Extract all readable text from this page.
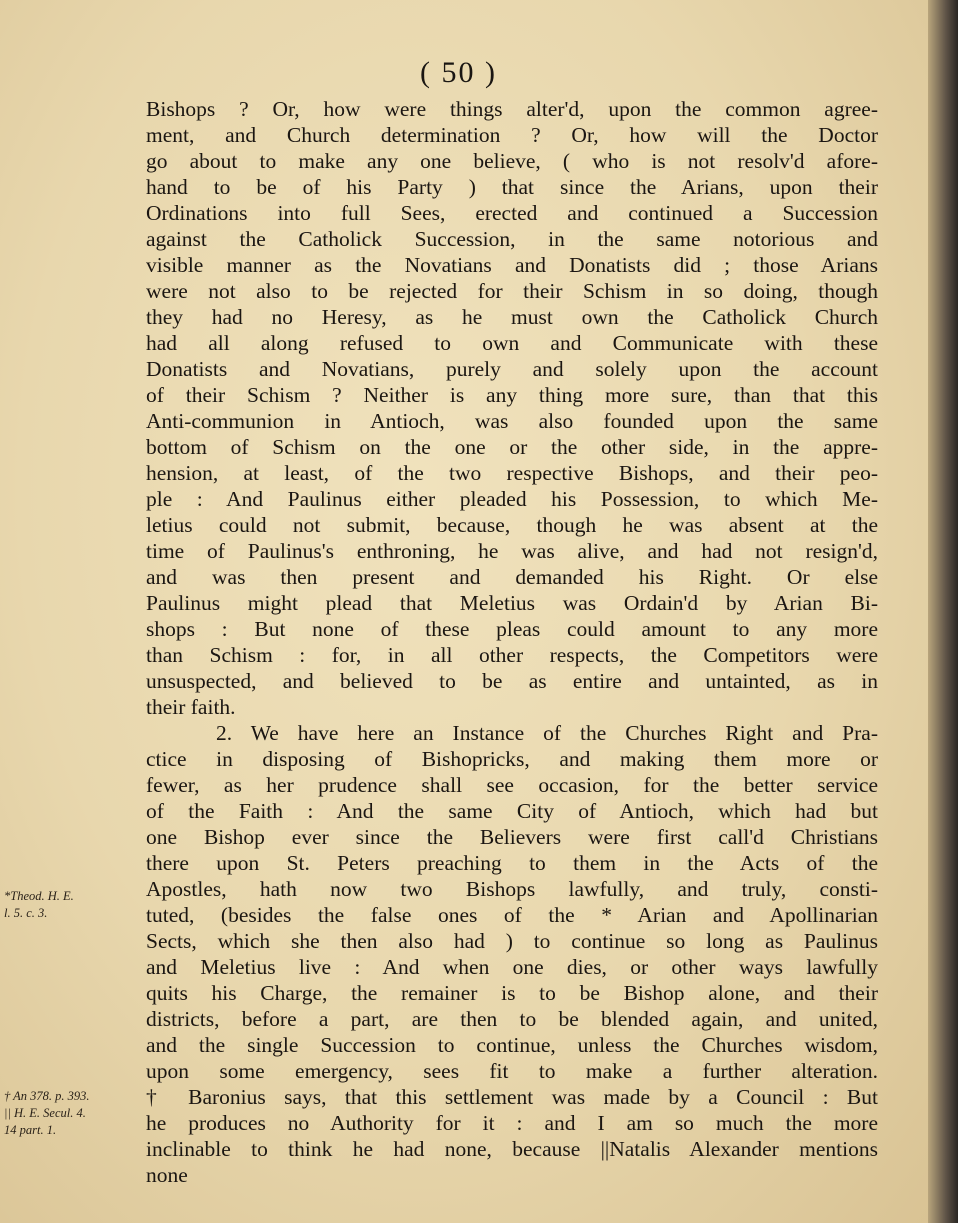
( 50 )
Bishops ? Or, how were things alter'd, upon the common agree-
ment, and Church determination ? Or, how will the Doctor
go about to make any one believe, ( who is not resolv'd afore-
hand to be of his Party ) that since the Arians, upon their
Ordinations into full Sees, erected and continued a Succession
against the Catholick Succession, in the same notorious and
visible manner as the Novatians and Donatists did ; those Arians
were not also to be rejected for their Schism in so doing, though
they had no Heresy, as he must own the Catholick Church
had all along refused to own and Communicate with these
Donatists and Novatians, purely and solely upon the account
of their Schism ? Neither is any thing more sure, than that this
Anti-communion in Antioch, was also founded upon the same
bottom of Schism on the one or the other side, in the appre-
hension, at least, of the two respective Bishops, and their peo-
ple : And Paulinus either pleaded his Possession, to which Me-
letius could not submit, because, though he was absent at the
time of Paulinus's enthroning, he was alive, and had not resign'd,
and was then present and demanded his Right. Or else
Paulinus might plead that Meletius was Ordain'd by Arian Bi-
shops : But none of these pleas could amount to any more
than Schism : for, in all other respects, the Competitors were
unsuspected, and believed to be as entire and untainted, as in
their faith.
2. We have here an Instance of the Churches Right and Pra-
ctice in disposing of Bishopricks, and making them more or
fewer, as her prudence shall see occasion, for the better service
of the Faith : And the same City of Antioch, which had but
one Bishop ever since the Believers were first call'd Christians
there upon St. Peters preaching to them in the Acts of the
Apostles, hath now two Bishops lawfully, and truly, consti-
tuted, (besides the false ones of the * Arian and Apollinarian
Sects, which she then also had ) to continue so long as Paulinus
and Meletius live : And when one dies, or other ways lawfully
quits his Charge, the remainer is to be Bishop alone, and their
districts, before a part, are then to be blended again, and united,
and the single Succession to continue, unless the Churches wisdom,
upon some emergency, sees fit to make a further alteration.
† Baronius says, that this settlement was made by a Council : But
he produces no Authority for it : and I am so much the more
inclinable to think he had none, because ||Natalis Alexander mentions
none
*Theod. H. E.
l. 5. c. 3.
† An 378. p. 393.
|| H. E. Secul. 4.
14 part. 1.
